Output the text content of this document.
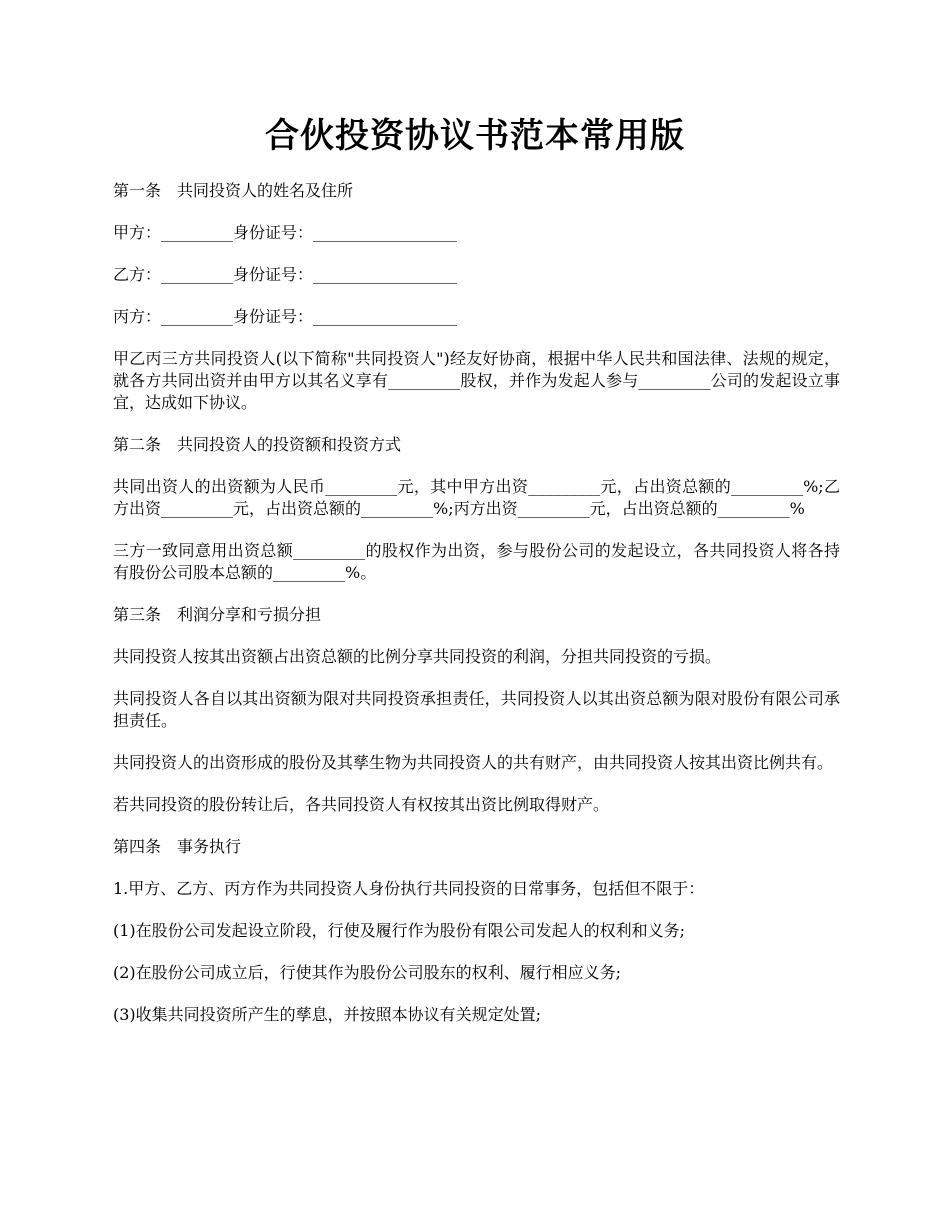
合伙投资协议书范本常用版

第一条　共同投资人的姓名及住所

甲方：_________身份证号：__________________

乙方：_________身份证号：__________________

丙方：_________身份证号：__________________

甲乙丙三方共同投资人(以下简称"共同投资人")经友好协商，根据中华人民共和国法律、法规的规定，就各方共同出资并由甲方以其名义享有_________股权，并作为发起人参与_________公司的发起设立事宜，达成如下协议。

第二条　共同投资人的投资额和投资方式

共同出资人的出资额为人民币_________元，其中甲方出资_________元，占出资总额的_________%;乙方出资_________元，占出资总额的_________%;丙方出资_________元，占出资总额的_________%

三方一致同意用出资总额_________的股权作为出资，参与股份公司的发起设立，各共同投资人将各持有股份公司股本总额的_________%。

第三条　利润分享和亏损分担

共同投资人按其出资额占出资总额的比例分享共同投资的利润，分担共同投资的亏损。

共同投资人各自以其出资额为限对共同投资承担责任，共同投资人以其出资总额为限对股份有限公司承担责任。

共同投资人的出资形成的股份及其孳生物为共同投资人的共有财产，由共同投资人按其出资比例共有。

若共同投资的股份转让后，各共同投资人有权按其出资比例取得财产。

第四条　事务执行

1.甲方、乙方、丙方作为共同投资人身份执行共同投资的日常事务，包括但不限于：

(1)在股份公司发起设立阶段，行使及履行作为股份有限公司发起人的权利和义务;

(2)在股份公司成立后，行使其作为股份公司股东的权利、履行相应义务;

(3)收集共同投资所产生的孳息，并按照本协议有关规定处置;
